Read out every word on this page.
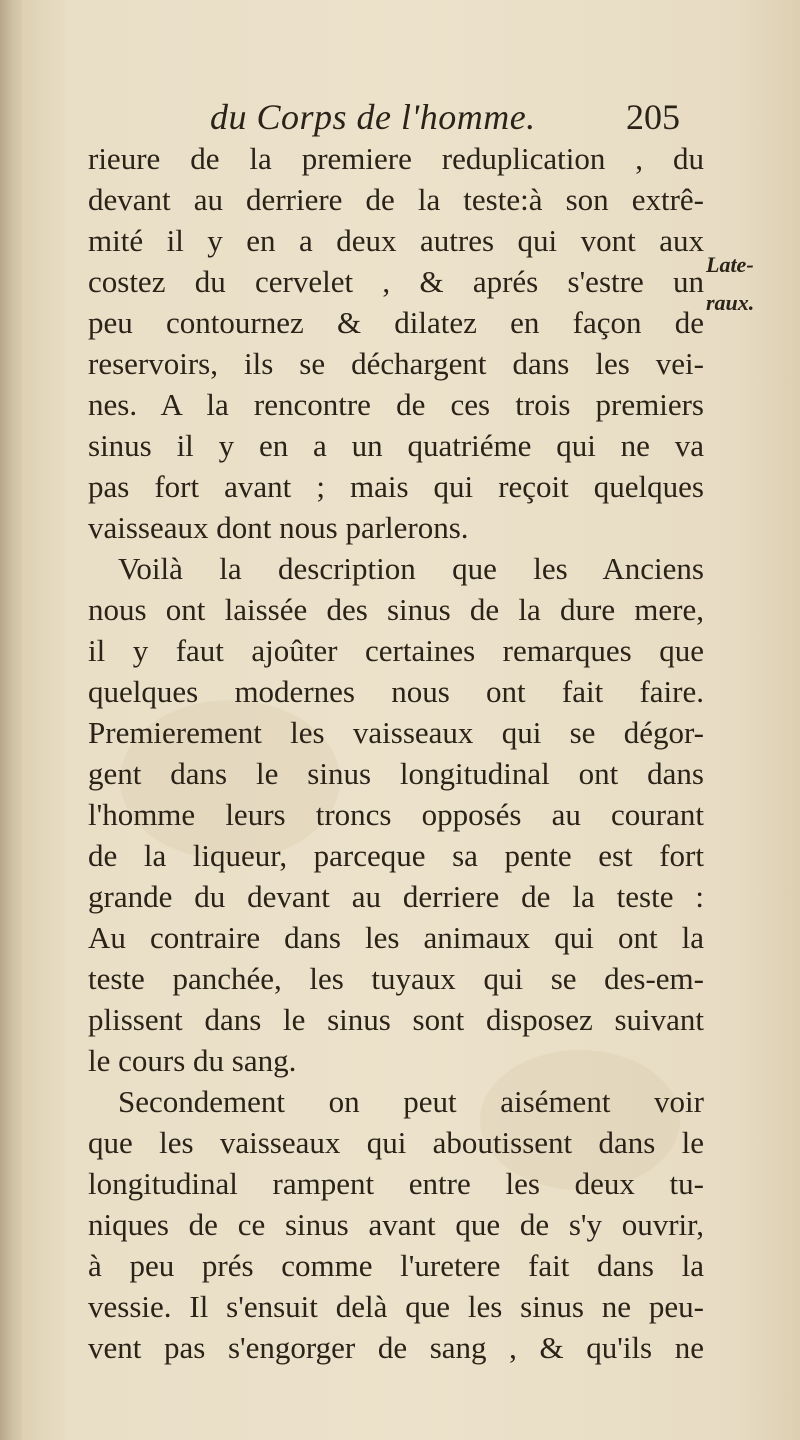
du Corps de l'homme.	205
Late-
raux.
rieure de la premiere reduplication , du
devant au derriere de la teste:à son extrê-
mité il y en a deux autres qui vont aux
costez du cervelet , & aprés s'estre un
peu contournez & dilatez en façon de
reservoirs, ils se déchargent dans les vei-
nes. A la rencontre de ces trois premiers
sinus il y en a un quatriéme qui ne va
pas fort avant ; mais qui reçoit quelques
vaisseaux dont nous parlerons.
Voilà la description que les Anciens
nous ont laissée des sinus de la dure mere,
il y faut ajoûter certaines remarques que
quelques modernes nous ont fait faire.
Premierement les vaisseaux qui se dégor-
gent dans le sinus longitudinal ont dans
l'homme leurs troncs opposés au courant
de la liqueur, parceque sa pente est fort
grande du devant au derriere de la teste :
Au contraire dans les animaux qui ont la
teste panchée, les tuyaux qui se des-em-
plissent dans le sinus sont disposez suivant
le cours du sang.
Secondement on peut aisément voir
que les vaisseaux qui aboutissent dans le
longitudinal rampent entre les deux tu-
niques de ce sinus avant que de s'y ouvrir,
à peu prés comme l'uretere fait dans la
vessie. Il s'ensuit delà que les sinus ne peu-
vent pas s'engorger de sang , & qu'ils ne
